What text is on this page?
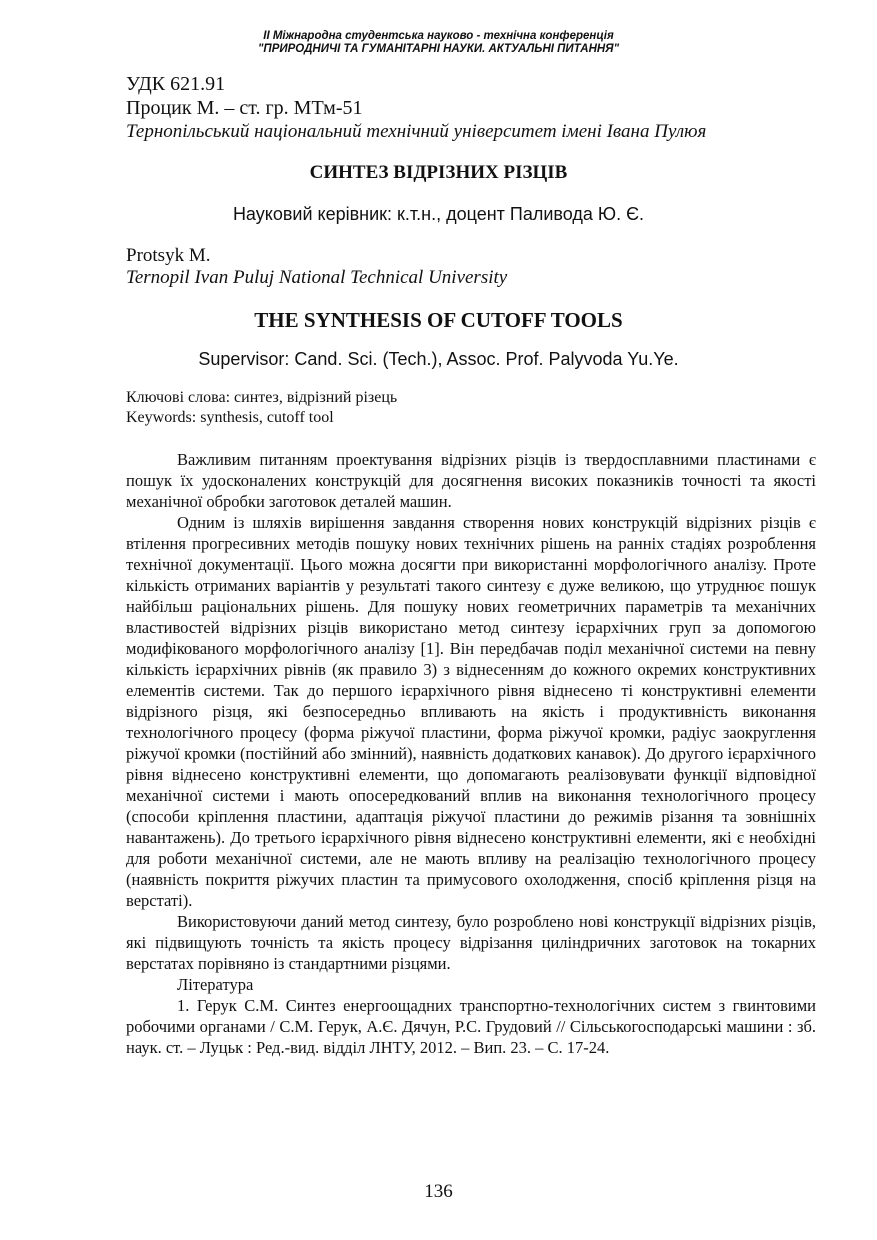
II Міжнародна студентська науково - технічна конференція
"ПРИРОДНИЧІ ТА ГУМАНІТАРНІ НАУКИ. АКТУАЛЬНІ ПИТАННЯ"
УДК 621.91
Процик М. – ст. гр. МТм-51
Тернопільський національний технічний університет імені Івана Пулюя
СИНТЕЗ ВІДРІЗНИХ РІЗЦІВ
Науковий керівник: к.т.н., доцент Паливода Ю. Є.
Protsyk M.
Ternopil Ivan Puluj National Technical University
THE SYNTHESIS OF CUTOFF TOOLS
Supervisor: Cand. Sci. (Tech.), Assoc. Prof. Palyvoda Yu.Ye.
Ключові слова: синтез, відрізний різець
Keywords: synthesis, cutoff tool

Важливим питанням проектування відрізних різців із твердосплавними пластинами є пошук їх удосконалених конструкцій для досягнення високих показників точності та якості механічної обробки заготовок деталей машин.

Одним із шляхів вирішення завдання створення нових конструкцій відрізних різців є втілення прогресивних методів пошуку нових технічних рішень на ранніх стадіях розроблення технічної документації. Цього можна досягти при використанні морфологічного аналізу. Проте кількість отриманих варіантів у результаті такого синтезу є дуже великою, що утруднює пошук найбільш раціональних рішень. Для пошуку нових геометричних параметрів та механічних властивостей відрізних різців використано метод синтезу ієрархічних груп за допомогою модифікованого морфологічного аналізу [1]. Він передбачав поділ механічної системи на певну кількість ієрархічних рівнів (як правило 3) з віднесенням до кожного окремих конструктивних елементів системи. Так до першого ієрархічного рівня віднесено ті конструктивні елементи відрізного різця, які безпосередньо впливають на якість і продуктивність виконання технологічного процесу (форма ріжучої пластини, форма ріжучої кромки, радіус заокруглення ріжучої кромки (постійний або змінний), наявність додаткових канавок). До другого ієрархічного рівня віднесено конструктивні елементи, що допомагають реалізовувати функції відповідної механічної системи і мають опосередкований вплив на виконання технологічного процесу (способи кріплення пластини, адаптація ріжучої пластини до режимів різання та зовнішніх навантажень). До третього ієрархічного рівня віднесено конструктивні елементи, які є необхідні для роботи механічної системи, але не мають впливу на реалізацію технологічного процесу (наявність покриття ріжучих пластин та примусового охолодження, спосіб кріплення різця на верстаті).

Використовуючи даний метод синтезу, було розроблено нові конструкції відрізних різців, які підвищують точність та якість процесу відрізання циліндричних заготовок на токарних верстатах порівняно із стандартними різцями.

Література

1. Герук С.М. Синтез енергоощадних транспортно-технологічних систем з гвинтовими робочими органами / С.М. Герук, А.Є. Дячун, Р.С. Грудовий // Сільськогосподарські машини : зб. наук. ст. – Луцьк : Ред.-вид. відділ ЛНТУ, 2012. – Вип. 23. – С. 17-24.

136
